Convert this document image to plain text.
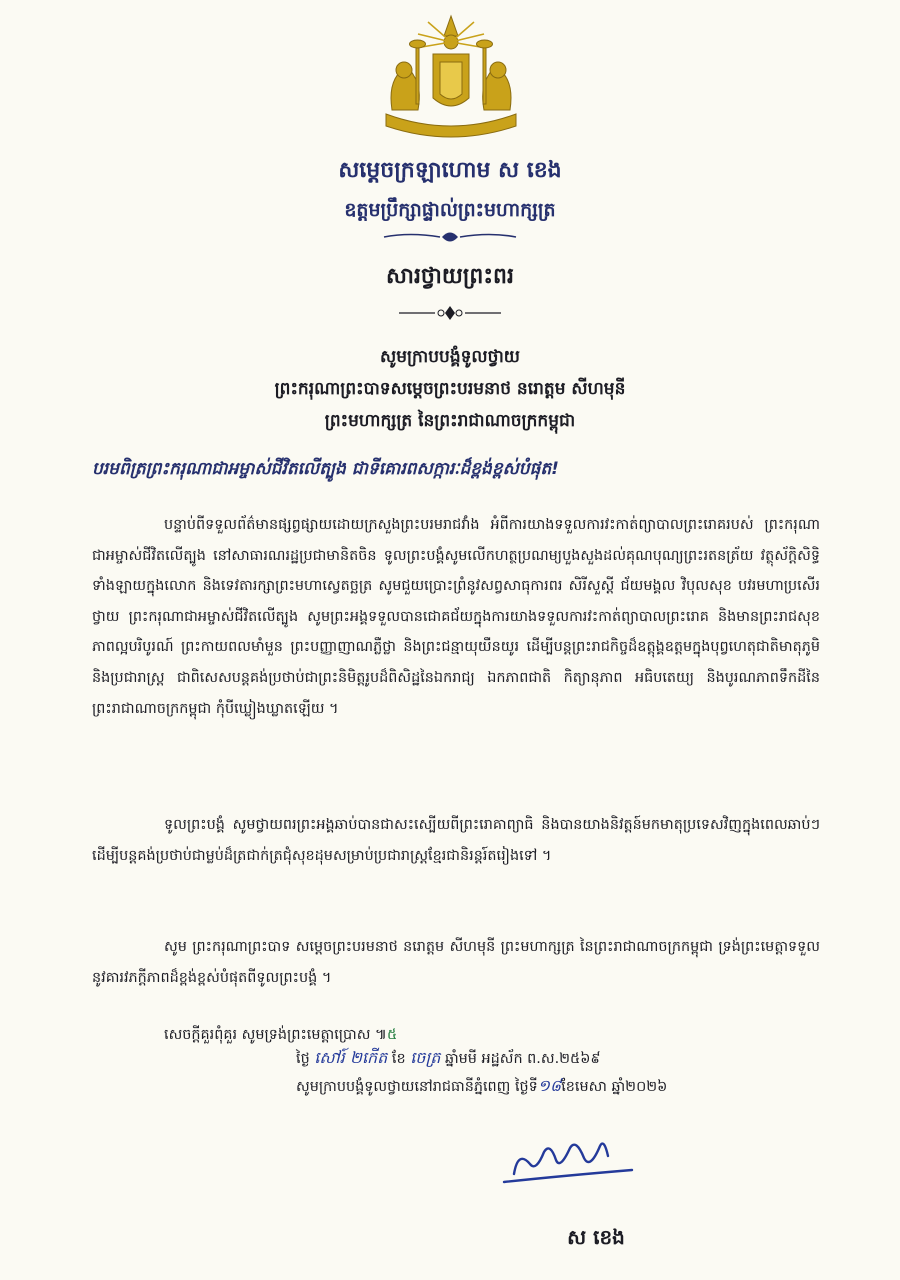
សម្តេចក្រឡាហោម ស ខេង
ឧត្តមប្រឹក្សាផ្ទាល់ព្រះមហាក្សត្រ
សារថ្វាយព្រះពរ
សូមក្រាបបង្គំទូលថ្វាយ
ព្រះករុណាព្រះបាទសម្តេចព្រះបរមនាថ នរោត្តម សីហមុនី
ព្រះមហាក្សត្រ នៃព្រះរាជាណាចក្រកម្ពុជា
បរមពិត្រព្រះករុណាជាអម្ចាស់ជីវិតលើត្បូង ជាទីគោរពសក្ការៈដ៏ខ្ពង់ខ្ពស់បំផុត!
បន្ទាប់ពីទទួលព័ត៌មានផ្សព្វផ្សាយដោយក្រសួងព្រះបរមរាជវាំង អំពីការយាងទទួលការវះកាត់ព្យាបាលព្រះរោគរបស់ ព្រះករុណាជាអម្ចាស់ជីវិតលើត្បូង នៅសាធារណរដ្ឋប្រជាមានិតចិន ទូលព្រះបង្គំសូមលើកហត្ថប្រណម្យបួងសួងដល់គុណបុណ្យព្រះរតនត្រ័យ វត្ថុស័ក្តិសិទ្ធិទាំងឡាយក្នុងលោក និងទេវតារក្សាព្រះមហាស្វេតច្ឆត្រ សូមជួយប្រោះព្រំនូវសព្វសាធុការពរ សិរីសួស្តី ជ័យមង្គល វិបុលសុខ បវរមហាប្រសើរថ្វាយ ព្រះករុណាជាអម្ចាស់ជីវិតលើត្បូង សូមព្រះអង្គទទួលបានជោគជ័យក្នុងការយាងទទួលការវះកាត់ព្យាបាលព្រះរោគ និងមានព្រះរាជសុខភាពល្អបរិបូរណ៍ ព្រះកាយពលមាំមួន ព្រះបញ្ញាញាណភ្លឺថ្លា និងព្រះជន្មាយុយឺនយូរ ដើម្បីបន្តព្រះរាជកិច្ចដ៏ឧត្តុង្គឧត្តមក្នុងបុព្វហេតុជាតិមាតុភូមិ និងប្រជារាស្ត្រ ជាពិសេសបន្តគង់ប្រថាប់ជាព្រះនិមិត្តរូបដ៏ពិសិដ្ឋនៃឯករាជ្យ ឯកភាពជាតិ កិត្យានុភាព អធិបតេយ្យ និងបូរណភាពទឹកដីនៃព្រះរាជាណាចក្រកម្ពុជា កុំបីឃ្លៀងឃ្លាតឡើយ ។
ទូលព្រះបង្គំ សូមថ្វាយពរព្រះអង្គឆាប់បានជាសះស្បើយពីព្រះរោគាព្យាធិ និងបានយាងនិវត្តន៍មកមាតុប្រទេសវិញក្នុងពេលឆាប់ៗ ដើម្បីបន្តគង់ប្រថាប់ជាម្លប់ដ៏ត្រជាក់ត្រជុំសុខដុមសម្រាប់ប្រជារាស្ត្រខ្មែរជានិរន្តរ៍តរៀងទៅ ។
សូម ព្រះករុណាព្រះបាទ សម្តេចព្រះបរមនាថ នរោត្តម សីហមុនី ព្រះមហាក្សត្រ នៃព្រះរាជាណាចក្រកម្ពុជា ទ្រង់ព្រះមេត្តាទទួលនូវគារវភក្តីភាពដ៏ខ្ពង់ខ្ពស់បំផុតពីទូលព្រះបង្គំ ។
សេចក្តីគួរពុំគួរ សូមទ្រង់ព្រះមេត្តាប្រោស ៕៥
ថ្ងៃ សៅរ៍ ២កើត ខែ ចេត្រ ឆ្នាំមមី អដ្ឋស័ក ព.ស.២៥៦៩
សូមក្រាបបង្គំទូលថ្វាយនៅរាជធានីភ្នំពេញ ថ្ងៃទី១៨ខែមេសា ឆ្នាំ២០២៦
ស ខេង
